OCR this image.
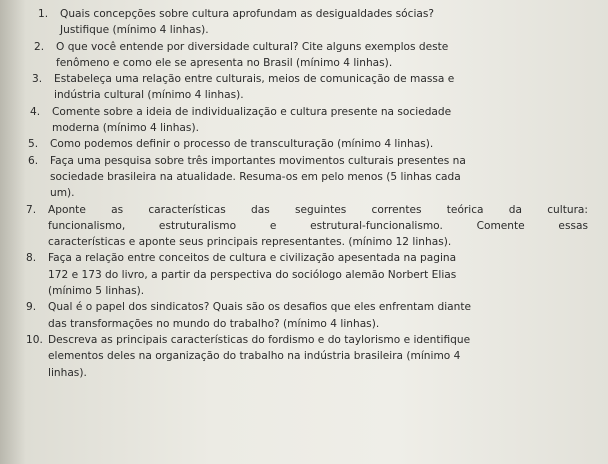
1. Quais concepções sobre cultura aprofundam as desigualdades sócias?
Justifique (mínimo 4 linhas).
2. O que você entende por diversidade cultural? Cite alguns exemplos deste
fenômeno e como ele se apresenta no Brasil (mínimo 4 linhas).
3. Estabeleça uma relação entre culturais, meios de comunicação de massa e
indústria cultural (mínimo 4 linhas).
4. Comente sobre a ideia de individualização e cultura presente na sociedade
moderna (mínimo 4 linhas).
5. Como podemos definir o processo de transculturação (mínimo 4 linhas).
6. Faça uma pesquisa sobre três importantes movimentos culturais presentes na
sociedade brasileira na atualidade. Resuma-os em pelo menos (5 linhas cada
um).
7. Aponte as características das seguintes correntes teórica da cultura:
funcionalismo, estruturalismo e estrutural-funcionalismo. Comente essas
características e aponte seus principais representantes. (mínimo 12 linhas).
8. Faça a relação entre conceitos de cultura e civilização apesentada na pagina
172 e 173 do livro, a partir da perspectiva do sociólogo alemão Norbert Elias
(mínimo 5 linhas).
9. Qual é o papel dos sindicatos? Quais são os desafios que eles enfrentam diante
das transformações no mundo do trabalho? (mínimo 4 linhas).
10. Descreva as principais características do fordismo e do taylorismo e identifique
elementos deles na organização do trabalho na indústria brasileira (mínimo 4
linhas).
